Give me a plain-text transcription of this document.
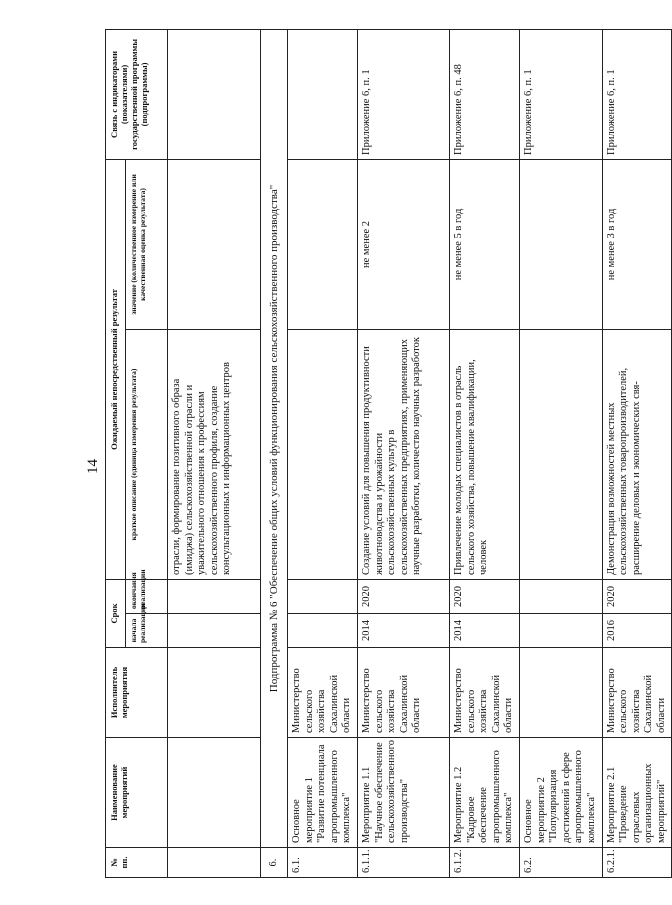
14
№ пп.	Наименование мероприятий	Исполнитель мероприятия	Срок		Ожидаемый непосредственный результат		Связь с индикаторами (показателями) государственной программы (подпрограммы)
			начала реализации	окончания реализации	краткое описание (единица измерения результата)	значение (количественное измерение или качественная оценка результата)	
					отрасли, формирование позитивного образа (имиджа) сельскохозяйственной отрасли и уважительного отношения к профессиям сельскохозяйственного профиля, создание консультационных и информационных центров		
6.	Подпрограмма № 6 "Обеспечение общих условий функционирования сельскохозяйственного производства"						
6.1.	Основное мероприятие 1 "Развитие потенциала агропромышленного комплекса"	Министерство сельского хозяйства Сахалинской области					
6.1.1.	Мероприятие 1.1 "Научное обеспечение сельскохозяйственного производства"	Министерство сельского хозяйства Сахалинской области	2014	2020	Создание условий для повышения продуктивности животноводства и урожайности сельскохозяйственных культур в сельскохозяйственных предприятиях, применяющих научные разработки, количество научных разработок	не менее 2	Приложение 6, п. 1
6.1.2.	Мероприятие 1.2 "Кадровое обеспечение агропромышленного комплекса"	Министерство сельского хозяйства Сахалинской области	2014	2020	Привлечение молодых специалистов в отрасль сельского хозяйства, повышение квалификации, человек	не менее 5 в год	Приложение 6, п. 48
6.2.	Основное мероприятие 2 "Популяризация достижений в сфере агропромышленного комплекса"						Приложение 6, п. 1
6.2.1.	Мероприятие 2.1 "Проведение отраслевых организационных мероприятий"	Министерство сельского хозяйства Сахалинской области	2016	2020	Демонстрация возможностей местных сельскохозяйственных товаропроизводителей, расширение деловых и экономических свя-	не менее 3 в год	Приложение 6, п. 1
